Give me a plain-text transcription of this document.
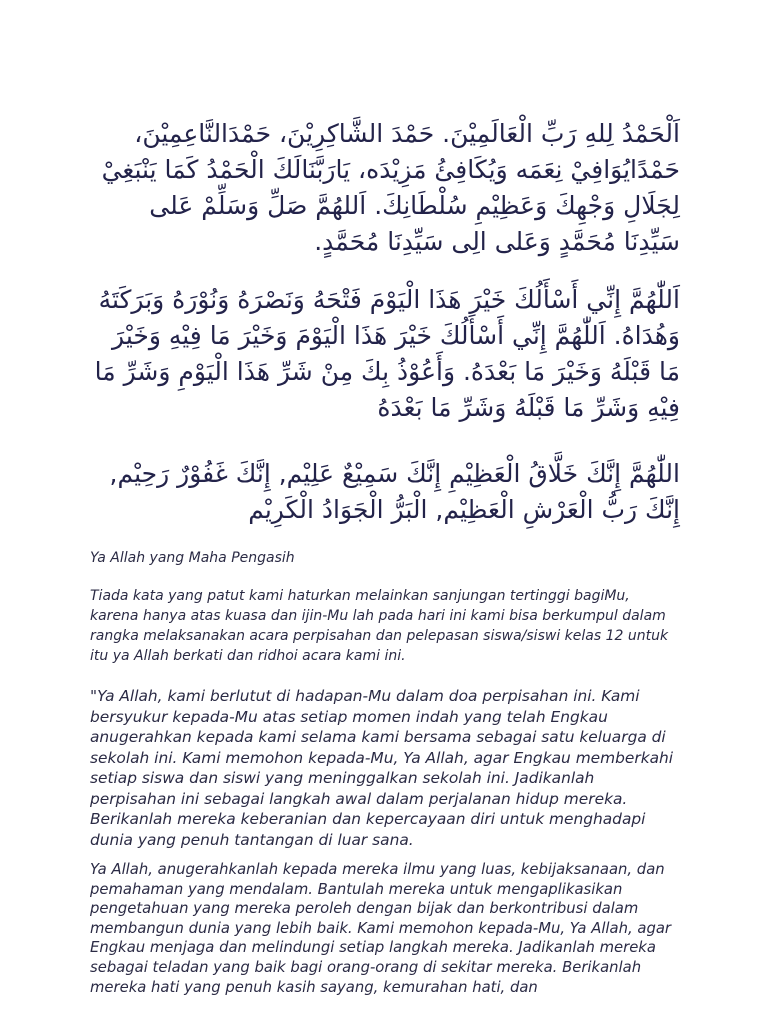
اَلْحَمْدُ لِلهِ رَبِّ الْعَالَمِيْنَ. حَمْدَ الشَّاكِرِيْنَ، حَمْدَالنَّاعِمِيْنَ، حَمْدًايُوَافِيْ نِعَمَه وَيُكَافِئُ مَزِيْدَه، يَارَبَّنَالَكَ الْحَمْدُ كَمَا يَنْبَغِيْ لِجَلَالِ وَجْهِكَ وَعَظِيْمِ سُلْطَانِكَ. اَللهُمَّ صَلِّ وَسَلِّمْ عَلى سَيِّدِنَا مُحَمَّدٍ وَعَلى الِى سَيِّدِنَا مُحَمَّدٍ.

اَللّٰهُمَّ إِنِّي أَسْأَلُكَ خَيْرَ هَذَا الْيَوْمَ فَتْحَهُ وَنَصْرَهُ وَنُوْرَهُ وَبَرَكَتَهُ وَهُدَاهُ. اَللّٰهُمَّ إِنِّي أَسْأَلُكَ خَيْرَ هَذَا الْيَوْمَ وَخَيْرَ مَا فِيْهِ وَخَيْرَ مَا قَبْلَهُ وَخَيْرَ مَا بَعْدَهُ. وَأَعُوْذُ بِكَ مِنْ شَرِّ هَذَا الْيَوْمِ وَشَرِّ مَا فِيْهِ وَشَرِّ مَا قَبْلَهُ وَشَرِّ مَا بَعْدَهُ

اللّٰهُمَّ إِنَّكَ خَلَّاقُ الْعَظِيْمِ إِنَّكَ سَمِيْعٌ عَلِيْم, إِنَّكَ غَفُوْرٌ رَحِيْم, إِنَّكَ رَبُّ الْعَرْشِ الْعَظِيْم, الْبَرُّ الْجَوَادُ الْكَرِيْم

Ya Allah yang Maha Pengasih

Tiada kata yang patut kami haturkan melainkan sanjungan tertinggi bagiMu, karena hanya atas kuasa dan ijin-Mu lah pada hari ini kami bisa berkumpul dalam rangka melaksanakan acara perpisahan dan pelepasan siswa/siswi kelas 12 untuk itu ya Allah berkati dan ridhoi acara kami ini.

"Ya Allah, kami berlutut di hadapan-Mu dalam doa perpisahan ini. Kami bersyukur kepada-Mu atas setiap momen indah yang telah Engkau anugerahkan kepada kami selama kami bersama sebagai satu keluarga di sekolah ini. Kami memohon kepada-Mu, Ya Allah, agar Engkau memberkahi setiap siswa dan siswi yang meninggalkan sekolah ini. Jadikanlah perpisahan ini sebagai langkah awal dalam perjalanan hidup mereka. Berikanlah mereka keberanian dan kepercayaan diri untuk menghadapi dunia yang penuh tantangan di luar sana.

Ya Allah, anugerahkanlah kepada mereka ilmu yang luas, kebijaksanaan, dan pemahaman yang mendalam. Bantulah mereka untuk mengaplikasikan pengetahuan yang mereka peroleh dengan bijak dan berkontribusi dalam membangun dunia yang lebih baik. Kami memohon kepada-Mu, Ya Allah, agar Engkau menjaga dan melindungi setiap langkah mereka. Jadikanlah mereka sebagai teladan yang baik bagi orang-orang di sekitar mereka. Berikanlah mereka hati yang penuh kasih sayang, kemurahan hati, dan
